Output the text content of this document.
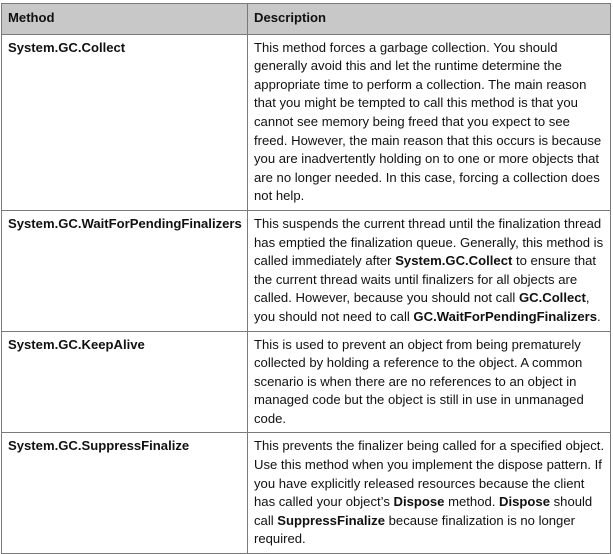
Method	Description
System.GC.Collect	This method forces a garbage collection. You should generally avoid this and let the runtime determine the appropriate time to perform a collection. The main reason that you might be tempted to call this method is that you cannot see memory being freed that you expect to see freed. However, the main reason that this occurs is because you are inadvertently holding on to one or more objects that are no longer needed. In this case, forcing a collection does not help.
System.GC.WaitForPendingFinalizers	This suspends the current thread until the finalization thread has emptied the finalization queue. Generally, this method is called immediately after System.GC.Collect to ensure that the current thread waits until finalizers for all objects are called. However, because you should not call GC.Collect, you should not need to call GC.WaitForPendingFinalizers.
System.GC.KeepAlive	This is used to prevent an object from being prematurely collected by holding a reference to the object. A common scenario is when there are no references to an object in managed code but the object is still in use in unmanaged code.
System.GC.SuppressFinalize	This prevents the finalizer being called for a specified object. Use this method when you implement the dispose pattern. If you have explicitly released resources because the client has called your object’s Dispose method. Dispose should call SuppressFinalize because finalization is no longer required.
